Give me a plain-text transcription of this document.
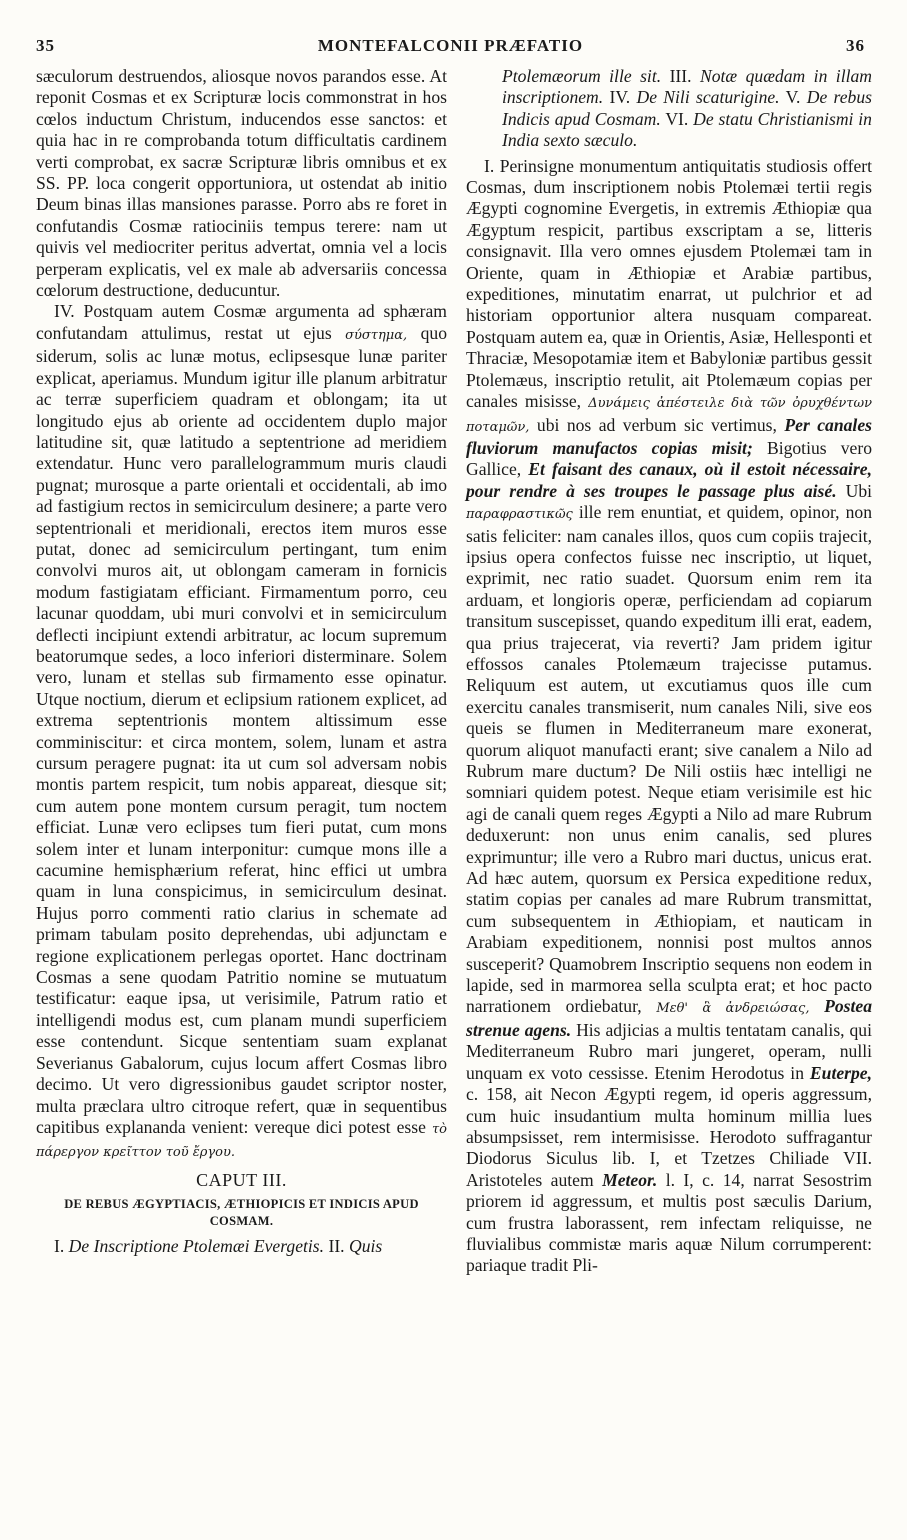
35	MONTEFALCONII PRÆFATIO	36

sæculorum destruendos, aliosque novos parandos esse. At reponit Cosmas et ex Scripturæ locis commonstrat in hos cœlos inductum Christum, inducendos esse sanctos: et quia hac in re comprobanda totum difficultatis cardinem verti comprobat, ex sacræ Scripturæ libris omnibus et ex SS. PP. loca congerit opportuniora, ut ostendat ab initio Deum binas illas mansiones parasse. Porro abs re foret in confutandis Cosmæ ratiociniis tempus terere: nam ut quivis vel mediocriter peritus advertat, omnia vel a locis perperam explicatis, vel ex male ab adversariis concessa cœlorum destructione, deducuntur.

IV. Postquam autem Cosmæ argumenta ad sphæram confutandam attulimus, restat ut ejus σύστημα, quo siderum, solis ac lunæ motus, eclipsesque lunæ pariter explicat, aperiamus. Mundum igitur ille planum arbitratur ac terræ superficiem quadram et oblongam; ita ut longitudo ejus ab oriente ad occidentem duplo major latitudine sit, quæ latitudo a septentrione ad meridiem extendatur. Hunc vero parallelogrammum muris claudi pugnat; murosque a parte orientali et occidentali, ab imo ad fastigium rectos in semicirculum desinere; a parte vero septentrionali et meridionali, erectos item muros esse putat, donec ad semicirculum pertingant, tum enim convolvi muros ait, ut oblongam cameram in fornicis modum fastigiatam efficiant. Firmamentum porro, ceu lacunar quoddam, ubi muri convolvi et in semicirculum deflecti incipiunt extendi arbitratur, ac locum supremum beatorumque sedes, a loco inferiori disterminare. Solem vero, lunam et stellas sub firmamento esse opinatur. Utque noctium, dierum et eclipsium rationem explicet, ad extrema septentrionis montem altissimum esse comminiscitur: et circa montem, solem, lunam et astra cursum peragere pugnat: ita ut cum sol adversam nobis montis partem respicit, tum nobis appareat, diesque sit; cum autem pone montem cursum peragit, tum noctem efficiat. Lunæ vero eclipses tum fieri putat, cum mons solem inter et lunam interponitur: cumque mons ille a cacumine hemisphærium referat, hinc effici ut umbra quam in luna conspicimus, in semicirculum desinat. Hujus porro commenti ratio clarius in schemate ad primam tabulam posito deprehendas, ubi adjunctam e regione explicationem perlegas oportet. Hanc doctrinam Cosmas a sene quodam Patritio nomine se mutuatum testificatur: eaque ipsa, ut verisimile, Patrum ratio et intelligendi modus est, cum planam mundi superficiem esse contendunt. Sicque sententiam suam explanat Severianus Gabalorum, cujus locum affert Cosmas libro decimo. Ut vero digressionibus gaudet scriptor noster, multa præclara ultro citroque refert, quæ in sequentibus capitibus explananda venient: vereque dici potest esse τὸ πάρεργον κρεῖττον τοῦ ἔργου.

CAPUT III.
DE REBUS ÆGYPTIACIS, ÆTHIOPICIS ET INDICIS APUD COSMAM.

I. De Inscriptione Ptolemæi Evergetis. II. Quis

Ptolemæorum ille sit. III. Notæ quædam in illam inscriptionem. IV. De Nili scaturigine. V. De rebus Indicis apud Cosmam. VI. De statu Christianismi in India sexto sæculo.

I. Perinsigne monumentum antiquitatis studiosis offert Cosmas, dum inscriptionem nobis Ptolemæi tertii regis Ægypti cognomine Evergetis, in extremis Æthiopiæ qua Ægyptum respicit, partibus exscriptam a se, litteris consignavit. Illa vero omnes ejusdem Ptolemæi tam in Oriente, quam in Æthiopiæ et Arabiæ partibus, expeditiones, minutatim enarrat, ut pulchrior et ad historiam opportunior altera nusquam compareat. Postquam autem ea, quæ in Orientis, Asiæ, Hellesponti et Thraciæ, Mesopotamiæ item et Babyloniæ partibus gessit Ptolemæus, inscriptio retulit, ait Ptolemæum copias per canales misisse, Δυνάμεις ἀπέστειλε διὰ τῶν ὀρυχθέντων ποταμῶν, ubi nos ad verbum sic vertimus, Per canales fluviorum manufactos copias misit; Bigotius vero Gallice, Et faisant des canaux, où il estoit nécessaire, pour rendre à ses troupes le passage plus aisé. Ubi παραφραστικῶς ille rem enuntiat, et quidem, opinor, non satis feliciter: nam canales illos, quos cum copiis trajecit, ipsius opera confectos fuisse nec inscriptio, ut liquet, exprimit, nec ratio suadet. Quorsum enim rem ita arduam, et longioris operæ, perficiendam ad copiarum transitum suscepisset, quando expeditum illi erat, eadem, qua prius trajecerat, via reverti? Jam pridem igitur effossos canales Ptolemæum trajecisse putamus. Reliquum est autem, ut excutiamus quos ille cum exercitu canales transmiserit, num canales Nili, sive eos queis se flumen in Mediterraneum mare exonerat, quorum aliquot manufacti erant; sive canalem a Nilo ad Rubrum mare ductum? De Nili ostiis hæc intelligi ne somniari quidem potest. Neque etiam verisimile est hic agi de canali quem reges Ægypti a Nilo ad mare Rubrum deduxerunt: non unus enim canalis, sed plures exprimuntur; ille vero a Rubro mari ductus, unicus erat. Ad hæc autem, quorsum ex Persica expeditione redux, statim copias per canales ad mare Rubrum transmittat, cum subsequentem in Æthiopiam, et nauticam in Arabiam expeditionem, nonnisi post multos annos susceperit? Quamobrem Inscriptio sequens non eodem in lapide, sed in marmorea sella sculpta erat; et hoc pacto narrationem ordiebatur, Μεθ' ἃ ἀνδρειώσας, Postea strenue agens. His adjicias a multis tentatam canalis, qui Mediterraneum Rubro mari jungeret, operam, nulli unquam ex voto cessisse. Etenim Herodotus in Euterpe, c. 158, ait Necon Ægypti regem, id operis aggressum, cum huic insudantium multa hominum millia lues absumpsisset, rem intermisisse. Herodoto suffragantur Diodorus Siculus lib. I, et Tzetzes Chiliade VII. Aristoteles autem Meteor. l. I, c. 14, narrat Sesostrim priorem id aggressum, et multis post sæculis Darium, cum frustra laborassent, rem infectam reliquisse, ne fluvialibus commistæ maris aquæ Nilum corrumperent: pariaque tradit Pli-
